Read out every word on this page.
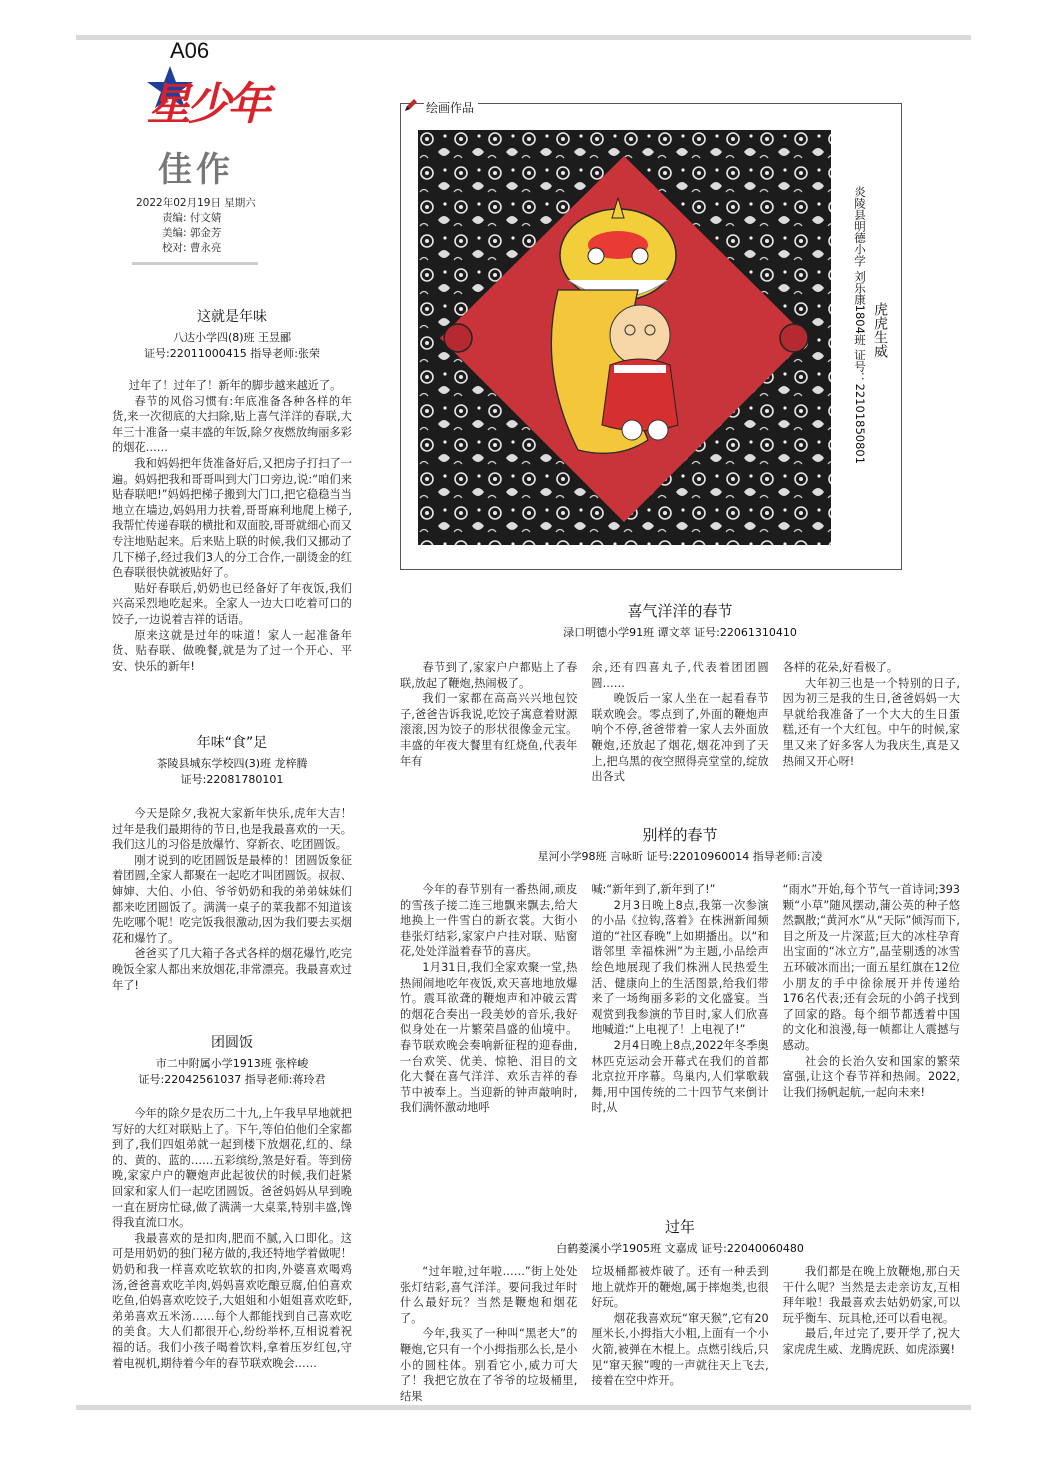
A06
星少年
佳作
2022年02月19日 星期六
责编: 付文婧
美编: 郭金芳
校对: 曹永亮
这就是年味
八达小学四(8)班 王昱郦
证号:22011000415 指导老师:张荣

过年了！过年了！新年的脚步越来越近了。

春节的风俗习惯有:年底准备各种各样的年货,来一次彻底的大扫除,贴上喜气洋洋的春联,大年三十准备一桌丰盛的年饭,除夕夜燃放绚丽多彩的烟花……

我和妈妈把年货准备好后,又把房子打扫了一遍。妈妈把我和哥哥叫到大门口旁边,说:“咱们来贴春联吧!”妈妈把梯子搬到大门口,把它稳稳当当地立在墙边,妈妈用力扶着,哥哥麻利地爬上梯子,我帮忙传递春联的横批和双面胶,哥哥就细心而又专注地贴起来。后来贴上联的时候,我们又挪动了几下梯子,经过我们3人的分工合作,一副烫金的红色春联很快就被贴好了。

贴好春联后,奶奶也已经备好了年夜饭,我们兴高采烈地吃起来。全家人一边大口吃着可口的饺子,一边说着吉祥的话语。

原来这就是过年的味道！家人一起准备年货、贴春联、做晚餐,就是为了过一个开心、平安、快乐的新年!

年味“食”足
茶陵县城东学校四(3)班 龙梓腾
证号:22081780101

今天是除夕,我祝大家新年快乐,虎年大吉！过年是我们最期待的节日,也是我最喜欢的一天。我们这儿的习俗是放爆竹、穿新衣、吃团圆饭。

刚才说到的吃团圆饭是最棒的！团圆饭象征着团圆,全家人都聚在一起吃才叫团圆饭。叔叔、婶婶、大伯、小伯、爷爷奶奶和我的弟弟妹妹们都来吃团圆饭了。满满一桌子的菜我都不知道该先吃哪个呢！吃完饭我很激动,因为我们要去买烟花和爆竹了。

爸爸买了几大箱子各式各样的烟花爆竹,吃完晚饭全家人都出来放烟花,非常漂亮。我最喜欢过年了!

团圆饭
市二中附属小学1913班 张梓峻
证号:22042561037 指导老师:蒋玲君

今年的除夕是农历二十九,上午我早早地就把写好的大红对联贴上了。下午,等伯伯他们全家都到了,我们四姐弟就一起到楼下放烟花,红的、绿的、黄的、蓝的……五彩缤纷,煞是好看。等到傍晚,家家户户的鞭炮声此起彼伏的时候,我们赶紧回家和家人们一起吃团圆饭。爸爸妈妈从早到晚一直在厨房忙碌,做了满满一大桌菜,特别丰盛,馋得我直流口水。

我最喜欢的是扣肉,肥而不腻,入口即化。这可是用奶奶的独门秘方做的,我还特地学着做呢！奶奶和我一样喜欢吃软软的扣肉,外婆喜欢喝鸡汤,爸爸喜欢吃羊肉,妈妈喜欢吃酿豆腐,伯伯喜欢吃鱼,伯妈喜欢吃饺子,大姐姐和小姐姐喜欢吃虾,弟弟喜欢五米汤……每个人都能找到自己喜欢吃的美食。大人们都很开心,纷纷举杯,互相说着祝福的话。我们小孩子喝着饮料,拿着压岁红包,守着电视机,期待着今年的春节联欢晚会……

绘画作品
虎虎生威
炎陵县明德小学 刘乐康1804班 证号：22101850801
喜气洋洋的春节
渌口明德小学91班 谭文萃 证号:22061310410

春节到了,家家户户都贴上了春联,放起了鞭炮,热闹极了。

我们一家都在高高兴兴地包饺子,爸爸告诉我说,吃饺子寓意着财源滚滚,因为饺子的形状很像金元宝。丰盛的年夜大餐里有红烧鱼,代表年年有

余,还有四喜丸子,代表着团团圆圆……

晚饭后一家人坐在一起看春节联欢晚会。零点到了,外面的鞭炮声响个不停,爸爸带着一家人去外面放鞭炮,还放起了烟花,烟花冲到了天上,把乌黑的夜空照得亮堂堂的,绽放出各式

各样的花朵,好看极了。

大年初三也是一个特别的日子,因为初三是我的生日,爸爸妈妈一大早就给我准备了一个大大的生日蛋糕,还有一个大红包。中午的时候,家里又来了好多客人为我庆生,真是又热闹又开心呀!

别样的春节
星河小学98班 言咏昕 证号:22010960014 指导老师:言凌

今年的春节别有一番热闹,顽皮的雪孩子接二连三地飘来飘去,给大地换上一件雪白的新衣裳。大街小巷张灯结彩,家家户户挂对联、贴窗花,处处洋溢着春节的喜庆。

1月31日,我们全家欢聚一堂,热热闹闹地吃年夜饭,欢天喜地地放爆竹。震耳欲聋的鞭炮声和冲破云霄的烟花合奏出一段美妙的音乐,我好似身处在一片繁荣昌盛的仙境中。春节联欢晚会奏响新征程的迎春曲,一台欢笑、优美、惊艳、泪目的文化大餐在喜气洋洋、欢乐吉祥的春节中被奉上。当迎新的钟声敲响时,我们满怀激动地呼

喊:“新年到了,新年到了!”

2月3日晚上8点,我第一次参演的小品《拉钩,落着》在株洲新闻频道的“社区春晚”上如期播出。以“和谐邻里 幸福株洲”为主题,小品绘声绘色地展现了我们株洲人民热爱生活、健康向上的生活图景,给我们带来了一场绚丽多彩的文化盛宴。当观赏到我参演的节目时,家人们欣喜地喊道:“上电视了！上电视了!”

2月4日晚上8点,2022年冬季奥林匹克运动会开幕式在我们的首都北京拉开序幕。鸟巢内,人们掌歌载舞,用中国传统的二十四节气来倒计时,从

“雨水”开始,每个节气一首诗词;393颗“小草”随风摆动,蒲公英的种子悠然飘散;“黄河水”从“天际”倾泻而下,目之所及一片深蓝;巨大的冰柱孕育出宝面的“冰立方”,晶莹剔透的冰雪五环破冰而出;一面五星红旗在12位小朋友的手中徐徐展开并传递给176名代表;还有会玩的小鸽子找到了回家的路。每个细节都透着中国的文化和浪漫,每一帧都让人震撼与感动。

社会的长治久安和国家的繁荣富强,让这个春节祥和热闹。2022,让我们扬帆起航,一起向未来!

过年
白鹤菱溪小学1905班 文嘉成 证号:22040060480

“过年啦,过年啦……”街上处处张灯结彩,喜气洋洋。要问我过年时什么最好玩？当然是鞭炮和烟花了。

今年,我买了一种叫“黑老大”的鞭炮,它只有一个小拇指那么长,是小小的圆柱体。别看它小,威力可大了！我把它放在了爷爷的垃圾桶里,结果

垃圾桶都被炸破了。还有一种丢到地上就炸开的鞭炮,属于摔炮类,也很好玩。

烟花我喜欢玩“窜天猴”,它有20厘米长,小拇指大小粗,上面有一个小火箭,被弹在木棍上。点燃引线后,只见“窜天猴”嗖的一声就往天上飞去,接着在空中炸开。

我们都是在晚上放鞭炮,那白天干什么呢？当然是去走亲访友,互相拜年啦！我最喜欢去姑奶奶家,可以玩乎衡车、玩具枪,还可以看电视。

最后,年过完了,要开学了,祝大家虎虎生威、龙腾虎跃、如虎添翼!
